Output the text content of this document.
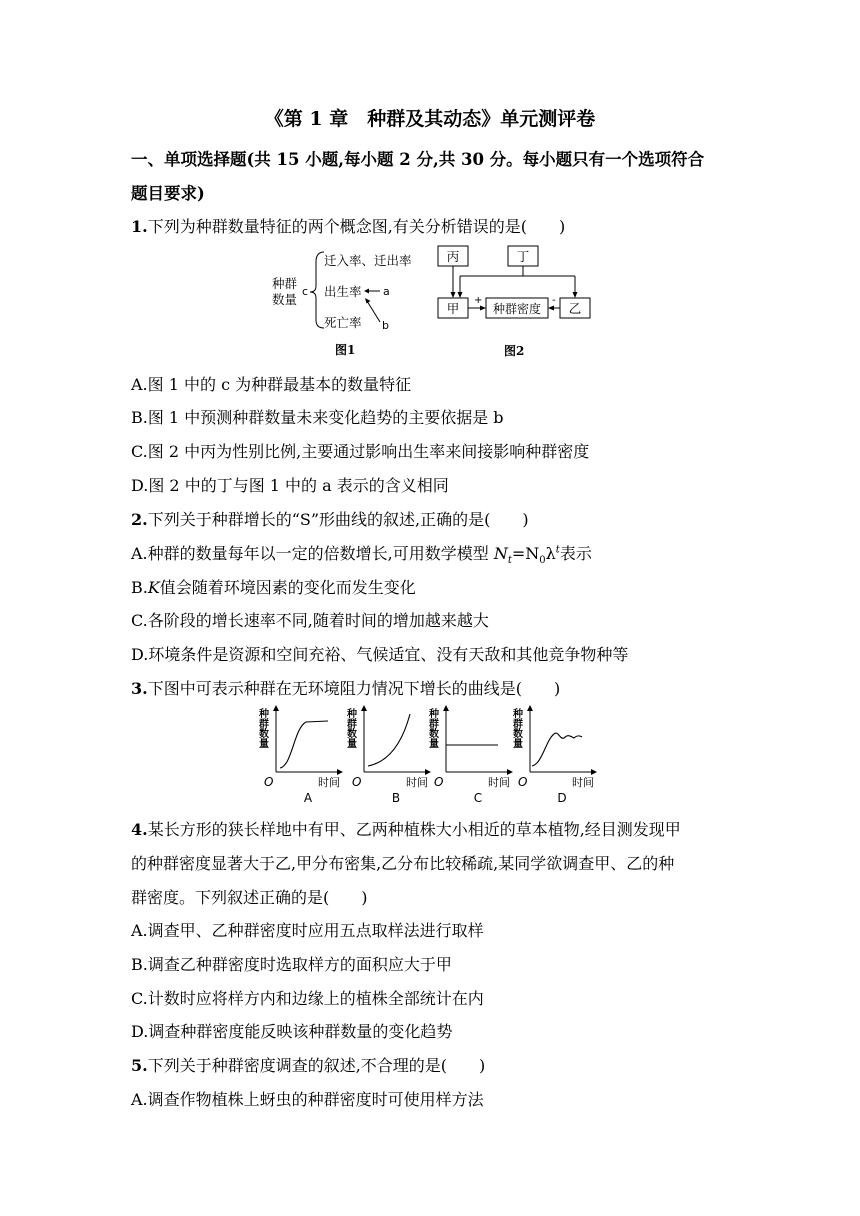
《第 1 章　种群及其动态》单元测评卷
一、单项选择题(共 15 小题,每小题 2 分,共 30 分。每小题只有一个选项符合
题目要求)
1.下列为种群数量特征的两个概念图,有关分析错误的是(　　)
种群
数量
c
迁入率、迁出率
出生率
死亡率
a
b
图1
丙	丁
甲	种群密度 乙
+	-
图2
A.图 1 中的 c 为种群最基本的数量特征
B.图 1 中预测种群数量未来变化趋势的主要依据是 b
C.图 2 中丙为性别比例,主要通过影响出生率来间接影响种群密度
D.图 2 中的丁与图 1 中的 a 表示的含义相同
2.下列关于种群增长的“S”形曲线的叙述,正确的是(　　)
A.种群的数量每年以一定的倍数增长,可用数学模型 $N_t=N_0\lambda^t$表示
B.K值会随着环境因素的变化而发生变化
C.各阶段的增长速率不同,随着时间的增加越来越大
D.环境条件是资源和空间充裕、气候适宜、没有天敌和其他竞争物种等
3.下图中可表示种群在无环境阻力情况下增长的曲线是(　　)
种群数量
O	时间
A
种群数量
O	时间
B
种群数量
O	时间
C
种群数量
O	时间
D
4.某长方形的狭长样地中有甲、乙两种植株大小相近的草本植物,经目测发现甲
的种群密度显著大于乙,甲分布密集,乙分布比较稀疏,某同学欲调查甲、乙的种
群密度。下列叙述正确的是(　　)
A.调查甲、乙种群密度时应用五点取样法进行取样
B.调查乙种群密度时选取样方的面积应大于甲
C.计数时应将样方内和边缘上的植株全部统计在内
D.调查种群密度能反映该种群数量的变化趋势
5.下列关于种群密度调查的叙述,不合理的是(　　)
A.调查作物植株上蚜虫的种群密度时可使用样方法
